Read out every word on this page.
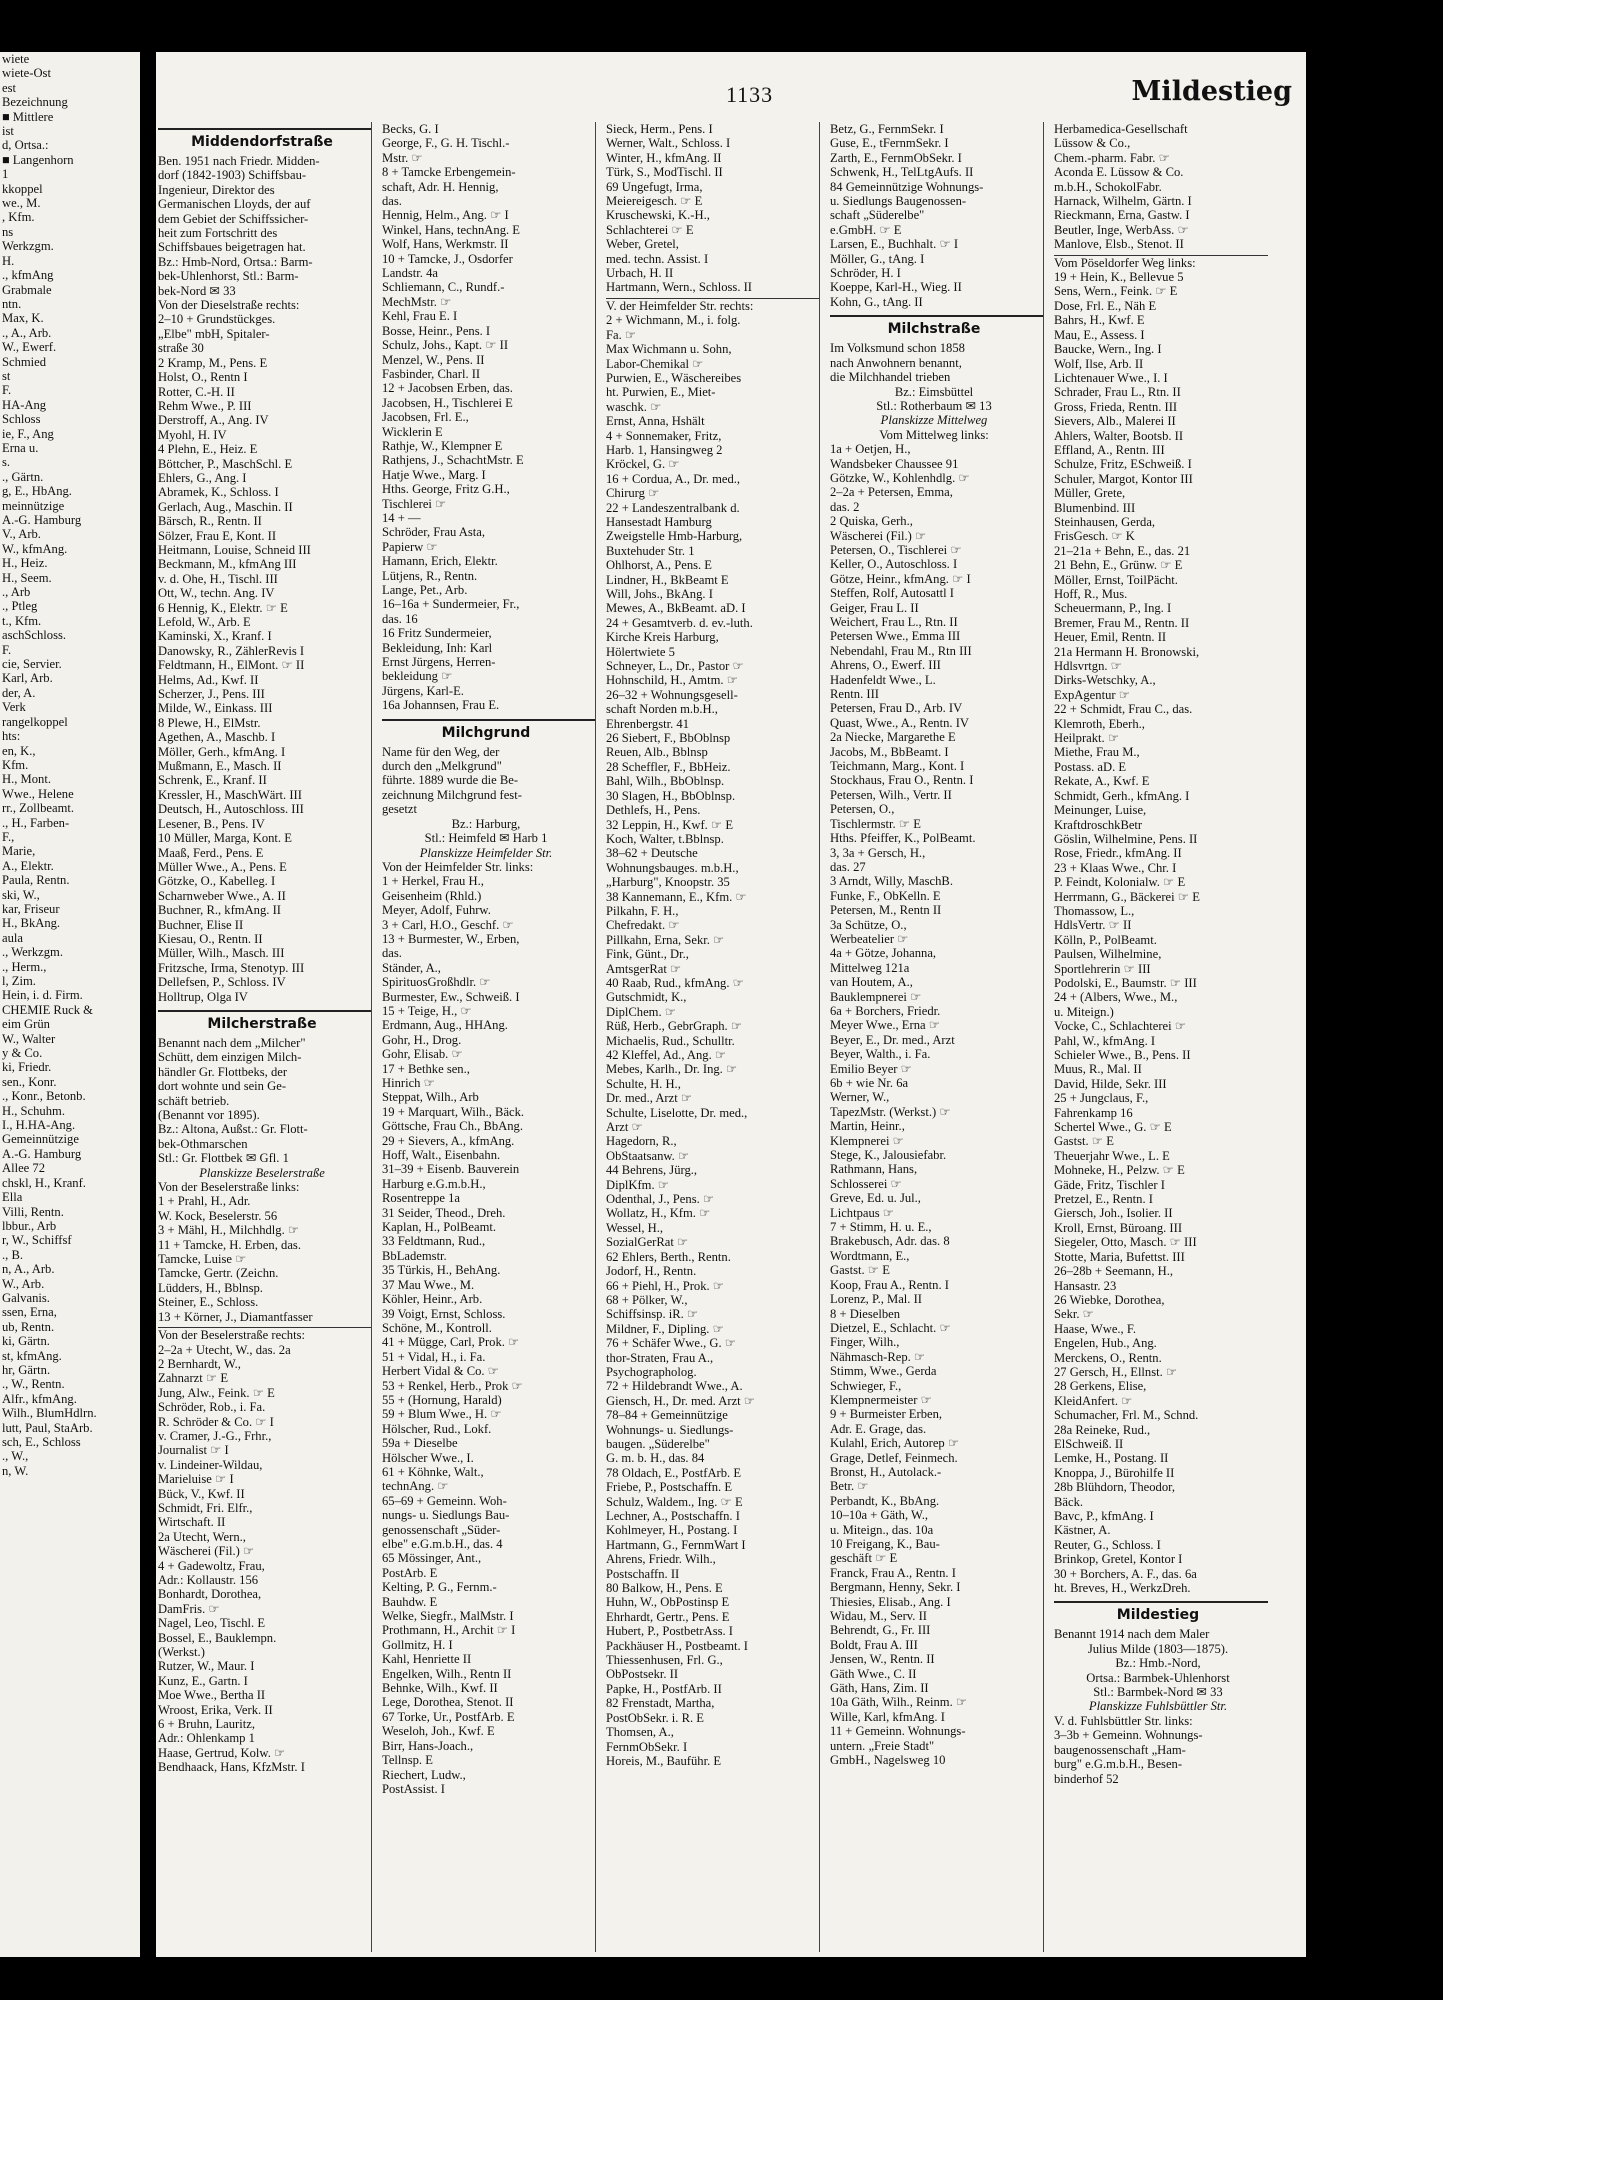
wiete
wiete-Ost
est
Bezeichnung
■ Mittlere
ist
d, Ortsa.:
■ Langenhorn
1
kkoppel
we., M.
, Kfm.
ns
Werkzgm.
H.
., kfmAng
Grabmale
ntn.
Max, K.
., A., Arb.
W., Ewerf.
Schmied
st
F.
HA-Ang
Schloss
ie, F., Ang
Erna u.
s.
., Gärtn.
g, E., HbAng.
meinnützige
A.-G. Hamburg
V., Arb.
W., kfmAng.
H., Heiz.
H., Seem.
., Arb
., Ptleg
t., Kfm.
aschSchloss.
F.
cie, Servier.
Karl, Arb.
der, A.
Verk
rangelkoppel
hts:
en, K.,
Kfm.
H., Mont.
Wwe., Helene
rr., Zollbeamt.
., H., Farben-
F.,
Marie,
A., Elektr.
Paula, Rentn.
ski, W.,
kar, Friseur
H., BkAng.
aula
., Werkzgm.
., Herm.,
l, Zim.
Hein, i. d. Firm.
CHEMIE Ruck &
eim Grün
W., Walter
y & Co.
ki, Friedr.
sen., Konr.
., Konr., Betonb.
H., Schuhm.
I., H.HA-Ang.
Gemeinnützige
A.-G. Hamburg
Allee 72
chskl, H., Kranf.
Ella
Villi, Rentn.
lbbur., Arb
r, W., Schiffsf
., B.
n, A., Arb.
W., Arb.
Galvanis.
ssen, Erna,
ub, Rentn.
ki, Gärtn.
st, kfmAng.
hr, Gärtn.
., W., Rentn.
Alfr., kfmAng.
Wilh., BlumHdlrn.
lutt, Paul, StaArb.
sch, E., Schloss
., W.,
n, W.
1133	Mildestieg
Middendorfstraße
Ben. 1951 nach Friedr. Midden-
dorf (1842-1903) Schiffsbau-
Ingenieur, Direktor des
Germanischen Lloyds, der auf
dem Gebiet der Schiffssicher-
heit zum Fortschritt des
Schiffsbaues beigetragen hat.
Bz.: Hmb-Nord, Ortsa.: Barm-
bek-Uhlenhorst, Stl.: Barm-
bek-Nord ✉ 33
Von der Dieselstraße rechts:
2–10 + Grundstückges.
„Elbe" mbH, Spitaler-
straße 30
2 Kramp, M., Pens. E
Holst, O., Rentn I
Rotter, C.-H. II
Rehm Wwe., P. III
Derstroff, A., Ang. IV
Myohl, H. IV
4 Plehn, E., Heiz. E
Böttcher, P., MaschSchl. E
Ehlers, G., Ang. I
Abramek, K., Schloss. I
Gerlach, Aug., Maschin. II
Bärsch, R., Rentn. II
Sölzer, Frau E, Kont. II
Heitmann, Louise, Schneid III
Beckmann, M., kfmAng III
v. d. Ohe, H., Tischl. III
Ott, W., techn. Ang. IV
6 Hennig, K., Elektr. ☞ E
Lefold, W., Arb. E
Kaminski, X., Kranf. I
Danowsky, R., ZählerRevis I
Feldtmann, H., ElMont. ☞ II
Helms, Ad., Kwf. II
Scherzer, J., Pens. III
Milde, W., Einkass. III
8 Plewe, H., ElMstr.
Agethen, A., Maschb. I
Möller, Gerh., kfmAng. I
Mußmann, E., Masch. II
Schrenk, E., Kranf. II
Kressler, H., MaschWärt. III
Deutsch, H., Autoschloss. III
Lesener, B., Pens. IV
10 Müller, Marga, Kont. E
Maaß, Ferd., Pens. E
Müller Wwe., A., Pens. E
Götzke, O., Kabelleg. I
Scharnweber Wwe., A. II
Buchner, R., kfmAng. II
Buchner, Elise II
Kiesau, O., Rentn. II
Müller, Wilh., Masch. III
Fritzsche, Irma, Stenotyp. III
Dellefsen, P., Schloss. IV
Holltrup, Olga IV
Milcherstraße
Benannt nach dem „Milcher"
Schütt, dem einzigen Milch-
händler Gr. Flottbeks, der
dort wohnte und sein Ge-
schäft betrieb.
(Benannt vor 1895).
Bz.: Altona, Außst.: Gr. Flott-
bek-Othmarschen
Stl.: Gr. Flottbek ✉ Gfl. 1
Planskizze Beselerstraße
Von der Beselerstraße links:
1 + Prahl, H., Adr.
W. Kock, Beselerstr. 56
3 + Mähl, H., Milchhdlg. ☞
11 + Tamcke, H. Erben, das.
Tamcke, Luise ☞
Tamcke, Gertr. (Zeichn.
Lüdders, H., Bblnsp.
Steiner, E., Schloss.
13 + Körner, J., Diamantfasser
Von der Beselerstraße rechts:
2–2a + Utecht, W., das. 2a
2 Bernhardt, W.,
Zahnarzt ☞ E
Jung, Alw., Feink. ☞ E
Schröder, Rob., i. Fa.
R. Schröder & Co. ☞ I
v. Cramer, J.-G., Frhr.,
Journalist ☞ I
v. Lindeiner-Wildau,
Marieluise ☞ I
Bück, V., Kwf. II
Schmidt, Fri. Elfr.,
Wirtschaft. II
2a Utecht, Wern.,
Wäscherei (Fil.) ☞
4 + Gadewoltz, Frau,
Adr.: Kollaustr. 156
Bonhardt, Dorothea,
DamFris. ☞
Nagel, Leo, Tischl. E
Bossel, E., Bauklempn.
(Werkst.)
Rutzer, W., Maur. I
Kunz, E., Gartn. I
Moe Wwe., Bertha II
Wroost, Erika, Verk. II
6 + Bruhn, Lauritz,
Adr.: Ohlenkamp 1
Haase, Gertrud, Kolw. ☞
Bendhaack, Hans, KfzMstr. I
Becks, G. I
George, F., G. H. Tischl.-
Mstr. ☞
8 + Tamcke Erbengemein-
schaft, Adr. H. Hennig,
das.
Hennig, Helm., Ang. ☞ I
Winkel, Hans, technAng. E
Wolf, Hans, Werkmstr. II
10 + Tamcke, J., Osdorfer
Landstr. 4a
Schliemann, C., Rundf.-
MechMstr. ☞
Kehl, Frau E. I
Bosse, Heinr., Pens. I
Schulz, Johs., Kapt. ☞ II
Menzel, W., Pens. II
Fasbinder, Charl. II
12 + Jacobsen Erben, das.
Jacobsen, H., Tischlerei E
Jacobsen, Frl. E.,
Wicklerin E
Rathje, W., Klempner E
Rathjens, J., SchachtMstr. E
Hatje Wwe., Marg. I
Hths. George, Fritz G.H.,
Tischlerei ☞
14 + —
Schröder, Frau Asta,
Papierw ☞
Hamann, Erich, Elektr.
Lütjens, R., Rentn.
Lange, Pet., Arb.
16–16a + Sundermeier, Fr.,
das. 16
16 Fritz Sundermeier,
Bekleidung, Inh: Karl
Ernst Jürgens, Herren-
bekleidung ☞
Jürgens, Karl-E.
16a Johannsen, Frau E.
Milchgrund
Name für den Weg, der
durch den „Melkgrund"
führte. 1889 wurde die Be-
zeichnung Milchgrund fest-
gesetzt
Bz.: Harburg,
Stl.: Heimfeld ✉ Harb 1
Planskizze Heimfelder Str.
Von der Heimfelder Str. links:
1 + Herkel, Frau H.,
Geisenheim (Rhld.)
Meyer, Adolf, Fuhrw.
3 + Carl, H.O., Geschf. ☞
13 + Burmester, W., Erben,
das.
Ständer, A.,
SpirituosGroßhdlr. ☞
Burmester, Ew., Schweiß. I
15 + Teige, H., ☞
Erdmann, Aug., HHAng.
Gohr, H., Drog.
Gohr, Elisab. ☞
17 + Bethke sen.,
Hinrich ☞
Steppat, Wilh., Arb
19 + Marquart, Wilh., Bäck.
Göttsche, Frau Ch., BbAng.
29 + Sievers, A., kfmAng.
Hoff, Walt., Eisenbahn.
31–39 + Eisenb. Bauverein
Harburg e.G.m.b.H.,
Rosentreppe 1a
31 Seider, Theod., Dreh.
Kaplan, H., PolBeamt.
33 Feldtmann, Rud.,
BbLademstr.
35 Türkis, H., BehAng.
37 Mau Wwe., M.
Köhler, Heinr., Arb.
39 Voigt, Ernst, Schloss.
Schöne, M., Kontroll.
41 + Mügge, Carl, Prok. ☞
51 + Vidal, H., i. Fa.
Herbert Vidal & Co. ☞
53 + Renkel, Herb., Prok ☞
55 + (Hornung, Harald)
59 + Blum Wwe., H. ☞
Hölscher, Rud., Lokf.
59a + Dieselbe
Hölscher Wwe., I.
61 + Köhnke, Walt.,
technAng. ☞
65–69 + Gemeinn. Woh-
nungs- u. Siedlungs Bau-
genossenschaft „Süder-
elbe" e.G.m.b.H., das. 4
65 Mössinger, Ant.,
PostArb. E
Kelting, P. G., Fernm.-
Bauhdw. E
Welke, Siegfr., MalMstr. I
Prothmann, H., Archit ☞ I
Gollmitz, H. I
Kahl, Henriette II
Engelken, Wilh., Rentn II
Behnke, Wilh., Kwf. II
Lege, Dorothea, Stenot. II
67 Torke, Ur., PostfArb. E
Weseloh, Joh., Kwf. E
Birr, Hans-Joach.,
Tellnsp. E
Riechert, Ludw.,
PostAssist. I
Sieck, Herm., Pens. I
Werner, Walt., Schloss. I
Winter, H., kfmAng. II
Türk, S., ModTischl. II
69 Ungefugt, Irma,
Meiereigesch. ☞ E
Kruschewski, K.-H.,
Schlachterei ☞ E
Weber, Gretel,
med. techn. Assist. I
Urbach, H. II
Hartmann, Wern., Schloss. II
V. der Heimfelder Str. rechts:
2 + Wichmann, M., i. folg.
Fa. ☞
Max Wichmann u. Sohn,
Labor-Chemikal ☞
Purwien, E., Wäschereibes
ht. Purwien, E., Miet-
waschk. ☞
Ernst, Anna, Hshält
4 + Sonnemaker, Fritz,
Harb. 1, Hansingweg 2
Kröckel, G. ☞
16 + Cordua, A., Dr. med.,
Chirurg ☞
22 + Landeszentralbank d.
Hansestadt Hamburg
Zweigstelle Hmb-Harburg,
Buxtehuder Str. 1
Ohlhorst, A., Pens. E
Lindner, H., BkBeamt E
Will, Johs., BkAng. I
Mewes, A., BkBeamt. aD. I
24 + Gesamtverb. d. ev.-luth.
Kirche Kreis Harburg,
Hölertwiete 5
Schneyer, L., Dr., Pastor ☞
Hohnschild, H., Amtm. ☞
26–32 + Wohnungsgesell-
schaft Norden m.b.H.,
Ehrenbergstr. 41
26 Siebert, F., BbOblnsp
Reuen, Alb., Bblnsp
28 Scheffler, F., BbHeiz.
Bahl, Wilh., BbOblnsp.
30 Slagen, H., BbOblnsp.
Dethlefs, H., Pens.
32 Leppin, H., Kwf. ☞ E
Koch, Walter, t.Bblnsp.
38–62 + Deutsche
Wohnungsbauges. m.b.H.,
„Harburg", Knoopstr. 35
38 Kannemann, E., Kfm. ☞
Pilkahn, F. H.,
Chefredakt. ☞
Pillkahn, Erna, Sekr. ☞
Fink, Günt., Dr.,
AmtsgerRat ☞
40 Raab, Rud., kfmAng. ☞
Gutschmidt, K.,
DiplChem. ☞
Rüß, Herb., GebrGraph. ☞
Michaelis, Rud., Schulltr.
42 Kleffel, Ad., Ang. ☞
Mebes, Karlh., Dr. Ing. ☞
Schulte, H. H.,
Dr. med., Arzt ☞
Schulte, Liselotte, Dr. med.,
Arzt ☞
Hagedorn, R.,
ObStaatsanw. ☞
44 Behrens, Jürg.,
DiplKfm. ☞
Odenthal, J., Pens. ☞
Wollatz, H., Kfm. ☞
Wessel, H.,
SozialGerRat ☞
62 Ehlers, Berth., Rentn.
Jodorf, H., Rentn.
66 + Piehl, H., Prok. ☞
68 + Pölker, W.,
Schiffsinsp. iR. ☞
Mildner, F., Dipling. ☞
76 + Schäfer Wwe., G. ☞
thor-Straten, Frau A.,
Psychographolog.
72 + Hildebrandt Wwe., A.
Giensch, H., Dr. med. Arzt ☞
78–84 + Gemeinnützige
Wohnungs- u. Siedlungs-
baugen. „Süderelbe"
G. m. b. H., das. 84
78 Oldach, E., PostfArb. E
Friebe, P., Postschaffn. E
Schulz, Waldem., Ing. ☞ E
Lechner, A., Postschaffn. I
Kohlmeyer, H., Postang. I
Hartmann, G., FernmWart I
Ahrens, Friedr. Wilh.,
Postschaffn. II
80 Balkow, H., Pens. E
Huhn, W., ObPostinsp E
Ehrhardt, Gertr., Pens. E
Hubert, P., PostbetrAss. I
Packhäuser H., Postbeamt. I
Thiessenhusen, Frl. G.,
ObPostsekr. II
Papke, H., PostfArb. II
82 Frenstadt, Martha,
PostObSekr. i. R. E
Thomsen, A.,
FernmObSekr. I
Horeis, M., Bauführ. E
Betz, G., FernmSekr. I
Guse, E., tFernmSekr. I
Zarth, E., FernmObSekr. I
Schwenk, H., TelLtgAufs. II
84 Gemeinnützige Wohnungs-
u. Siedlungs Baugenossen-
schaft „Süderelbe"
e.GmbH. ☞ E
Larsen, E., Buchhalt. ☞ I
Möller, G., tAng. I
Schröder, H. I
Koeppe, Karl-H., Wieg. II
Kohn, G., tAng. II
Milchstraße
Im Volksmund schon 1858
nach Anwohnern benannt,
die Milchhandel trieben
Bz.: Eimsbüttel
Stl.: Rotherbaum ✉ 13
Planskizze Mittelweg
Vom Mittelweg links:
1a + Oetjen, H.,
Wandsbeker Chaussee 91
Götzke, W., Kohlenhdlg. ☞
2–2a + Petersen, Emma,
das. 2
2 Quiska, Gerh.,
Wäscherei (Fil.) ☞
Petersen, O., Tischlerei ☞
Keller, O., Autoschloss. I
Götze, Heinr., kfmAng. ☞ I
Steffen, Rolf, Autosattl I
Geiger, Frau L. II
Weichert, Frau L., Rtn. II
Petersen Wwe., Emma III
Nebendahl, Frau M., Rtn III
Ahrens, O., Ewerf. III
Hadenfeldt Wwe., L.
Rentn. III
Petersen, Frau D., Arb. IV
Quast, Wwe., A., Rentn. IV
2a Niecke, Margarethe E
Jacobs, M., BbBeamt. I
Teichmann, Marg., Kont. I
Stockhaus, Frau O., Rentn. I
Petersen, Wilh., Vertr. II
Petersen, O.,
Tischlermstr. ☞ E
Hths. Pfeiffer, K., PolBeamt.
3, 3a + Gersch, H.,
das. 27
3 Arndt, Willy, MaschB.
Funke, F., ObKelln. E
Petersen, M., Rentn II
3a Schütze, O.,
Werbeatelier ☞
4a + Götze, Johanna,
Mittelweg 121a
van Houtem, A.,
Bauklempnerei ☞
6a + Borchers, Friedr.
Meyer Wwe., Erna ☞
Beyer, E., Dr. med., Arzt
Beyer, Walth., i. Fa.
Emilio Beyer ☞
6b + wie Nr. 6a
Werner, W.,
TapezMstr. (Werkst.) ☞
Martin, Heinr.,
Klempnerei ☞
Stege, K., Jalousiefabr.
Rathmann, Hans,
Schlosserei ☞
Greve, Ed. u. Jul.,
Lichtpaus ☞
7 + Stimm, H. u. E.,
Brakebusch, Adr. das. 8
Wordtmann, E.,
Gastst. ☞ E
Koop, Frau A., Rentn. I
Lorenz, P., Mal. II
8 + Dieselben
Dietzel, E., Schlacht. ☞
Finger, Wilh.,
Nähmasch-Rep. ☞
Stimm, Wwe., Gerda
Schwieger, F.,
Klempnermeister ☞
9 + Burmeister Erben,
Adr. E. Grage, das.
Kulahl, Erich, Autorep ☞
Grage, Detlef, Feinmech.
Bronst, H., Autolack.-
Betr. ☞
Perbandt, K., BbAng.
10–10a + Gäth, W.,
u. Miteign., das. 10a
10 Freigang, K., Bau-
geschäft ☞ E
Franck, Frau A., Rentn. I
Bergmann, Henny, Sekr. I
Thiesies, Elisab., Ang. I
Widau, M., Serv. II
Behrendt, G., Fr. III
Boldt, Frau A. III
Jensen, W., Rentn. II
Gäth Wwe., C. II
Gäth, Hans, Zim. II
10a Gäth, Wilh., Reinm. ☞
Wille, Karl, kfmAng. I
11 + Gemeinn. Wohnungs-
untern. „Freie Stadt"
GmbH., Nagelsweg 10
Herbamedica-Gesellschaft
Lüssow & Co.,
Chem.-pharm. Fabr. ☞
Aconda E. Lüssow & Co.
m.b.H., SchokolFabr.
Harnack, Wilhelm, Gärtn. I
Rieckmann, Erna, Gastw. I
Beutler, Inge, WerbAss. ☞
Manlove, Elsb., Stenot. II
Vom Pöseldorfer Weg links:
19 + Hein, K., Bellevue 5
Sens, Wern., Feink. ☞ E
Dose, Frl. E., Näh E
Bahrs, H., Kwf. E
Mau, E., Assess. I
Baucke, Wern., Ing. I
Wolf, Ilse, Arb. II
Lichtenauer Wwe., I. I
Schrader, Frau L., Rtn. II
Gross, Frieda, Rentn. III
Sievers, Alb., Malerei II
Ahlers, Walter, Bootsb. II
Effland, A., Rentn. III
Schulze, Fritz, ESchweiß. I
Schuler, Margot, Kontor III
Müller, Grete,
Blumenbind. III
Steinhausen, Gerda,
FrisGesch. ☞ K
21–21a + Behn, E., das. 21
21 Behn, E., Grünw. ☞ E
Möller, Ernst, ToilPächt.
Hoff, R., Mus.
Scheuermann, P., Ing. I
Bremer, Frau M., Rentn. II
Heuer, Emil, Rentn. II
21a Hermann H. Bronowski,
Hdlsvrtgn. ☞
Dirks-Wetschky, A.,
ExpAgentur ☞
22 + Schmidt, Frau C., das.
Klemroth, Eberh.,
Heilprakt. ☞
Miethe, Frau M.,
Postass. aD. E
Rekate, A., Kwf. E
Schmidt, Gerh., kfmAng. I
Meinunger, Luise,
KraftdroschkBetr
Göslin, Wilhelmine, Pens. II
Rose, Friedr., kfmAng. II
23 + Klaas Wwe., Chr. I
P. Feindt, Kolonialw. ☞ E
Herrmann, G., Bäckerei ☞ E
Thomassow, L.,
HdlsVertr. ☞ II
Kölln, P., PolBeamt.
Paulsen, Wilhelmine,
Sportlehrerin ☞ III
Podolski, E., Baumstr. ☞ III
24 + (Albers, Wwe., M.,
u. Miteign.)
Vocke, C., Schlachterei ☞
Pahl, W., kfmAng. I
Schieler Wwe., B., Pens. II
Muus, R., Mal. II
David, Hilde, Sekr. III
25 + Jungclaus, F.,
Fahrenkamp 16
Schertel Wwe., G. ☞ E
Gastst. ☞ E
Theuerjahr Wwe., L. E
Mohneke, H., Pelzw. ☞ E
Gäde, Fritz, Tischler I
Pretzel, E., Rentn. I
Giersch, Joh., Isolier. II
Kroll, Ernst, Büroang. III
Siegeler, Otto, Masch. ☞ III
Stotte, Maria, Bufettst. III
26–28b + Seemann, H.,
Hansastr. 23
26 Wiebke, Dorothea,
Sekr. ☞
Haase, Wwe., F.
Engelen, Hub., Ang.
Merckens, O., Rentn.
27 Gersch, H., Ellnst. ☞
28 Gerkens, Elise,
KleidAnfert. ☞
Schumacher, Frl. M., Schnd.
28a Reineke, Rud.,
ElSchweiß. II
Lemke, H., Postang. II
Knoppa, J., Bürohilfe II
28b Blühdorn, Theodor,
Bäck.
Bavc, P., kfmAng. I
Kästner, A.
Reuter, G., Schloss. I
Brinkop, Gretel, Kontor I
30 + Borchers, A. F., das. 6a
ht. Breves, H., WerkzDreh.
Mildestieg
Benannt 1914 nach dem Maler
Julius Milde (1803—1875).
Bz.: Hmb.-Nord,
Ortsa.: Barmbek-Uhlenhorst
Stl.: Barmbek-Nord ✉ 33
Planskizze Fuhlsbüttler Str.
V. d. Fuhlsbüttler Str. links:
3–3b + Gemeinn. Wohnungs-
baugenossenschaft „Ham-
burg" e.G.m.b.H., Besen-
binderhof 52
